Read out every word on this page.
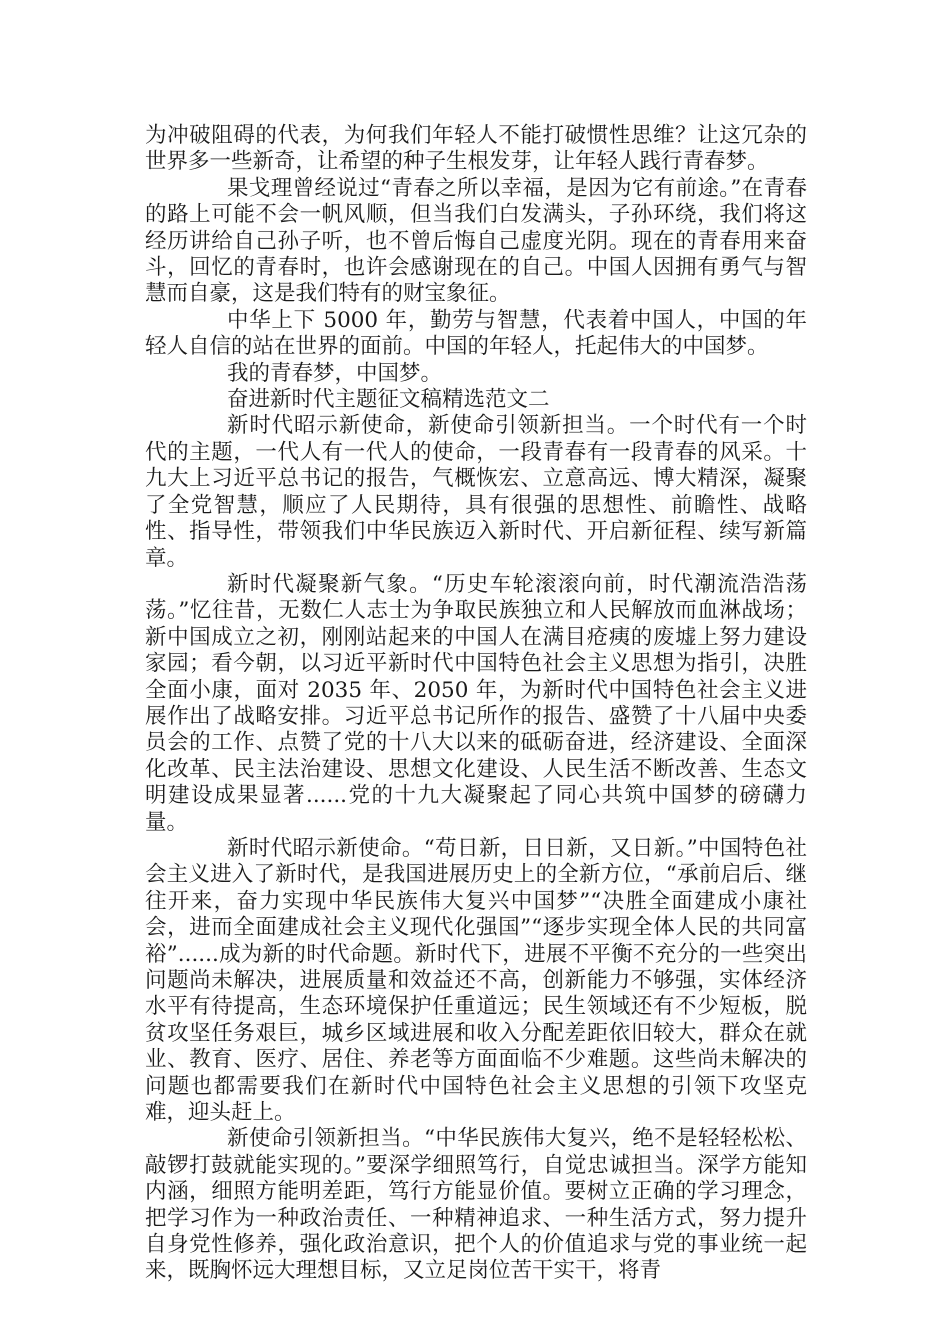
为冲破阻碍的代表，为何我们年轻人不能打破惯性思维？让这冗杂的世界多一些新奇，让希望的种子生根发芽，让年轻人践行青春梦。

果戈理曾经说过“青春之所以幸福，是因为它有前途。”在青春的路上可能不会一帆风顺，但当我们白发满头，子孙环绕，我们将这经历讲给自己孙子听，也不曾后悔自己虚度光阴。现在的青春用来奋斗，回忆的青春时，也许会感谢现在的自己。中国人因拥有勇气与智慧而自豪，这是我们特有的财宝象征。

中华上下 5000 年，勤劳与智慧，代表着中国人，中国的年轻人自信的站在世界的面前。中国的年轻人，托起伟大的中国梦。

我的青春梦，中国梦。

奋进新时代主题征文稿精选范文二

新时代昭示新使命，新使命引领新担当。一个时代有一个时代的主题，一代人有一代人的使命，一段青春有一段青春的风采。十九大上习近平总书记的报告，气概恢宏、立意高远、博大精深，凝聚了全党智慧，顺应了人民期待，具有很强的思想性、前瞻性、战略性、指导性，带领我们中华民族迈入新时代、开启新征程、续写新篇章。

新时代凝聚新气象。“历史车轮滚滚向前，时代潮流浩浩荡荡。”忆往昔，无数仁人志士为争取民族独立和人民解放而血淋战场；新中国成立之初，刚刚站起来的中国人在满目疮痍的废墟上努力建设家园；看今朝，以习近平新时代中国特色社会主义思想为指引，决胜全面小康，面对 2035 年、2050 年，为新时代中国特色社会主义进展作出了战略安排。习近平总书记所作的报告、盛赞了十八届中央委员会的工作、点赞了党的十八大以来的砥砺奋进，经济建设、全面深化改革、民主法治建设、思想文化建设、人民生活不断改善、生态文明建设成果显著......党的十九大凝聚起了同心共筑中国梦的磅礴力量。

新时代昭示新使命。“苟日新，日日新，又日新。”中国特色社会主义进入了新时代，是我国进展历史上的全新方位，“承前启后、继往开来，奋力实现中华民族伟大复兴中国梦”“决胜全面建成小康社会，进而全面建成社会主义现代化强国”“逐步实现全体人民的共同富裕”......成为新的时代命题。新时代下，进展不平衡不充分的一些突出问题尚未解决，进展质量和效益还不高，创新能力不够强，实体经济水平有待提高，生态环境保护任重道远；民生领域还有不少短板，脱贫攻坚任务艰巨，城乡区域进展和收入分配差距依旧较大，群众在就业、教育、医疗、居住、养老等方面面临不少难题。这些尚未解决的问题也都需要我们在新时代中国特色社会主义思想的引领下攻坚克难，迎头赶上。

新使命引领新担当。“中华民族伟大复兴，绝不是轻轻松松、敲锣打鼓就能实现的。”要深学细照笃行，自觉忠诚担当。深学方能知内涵，细照方能明差距，笃行方能显价值。要树立正确的学习理念，把学习作为一种政治责任、一种精神追求、一种生活方式，努力提升自身党性修养，强化政治意识，把个人的价值追求与党的事业统一起来，既胸怀远大理想目标，又立足岗位苦干实干，将青
